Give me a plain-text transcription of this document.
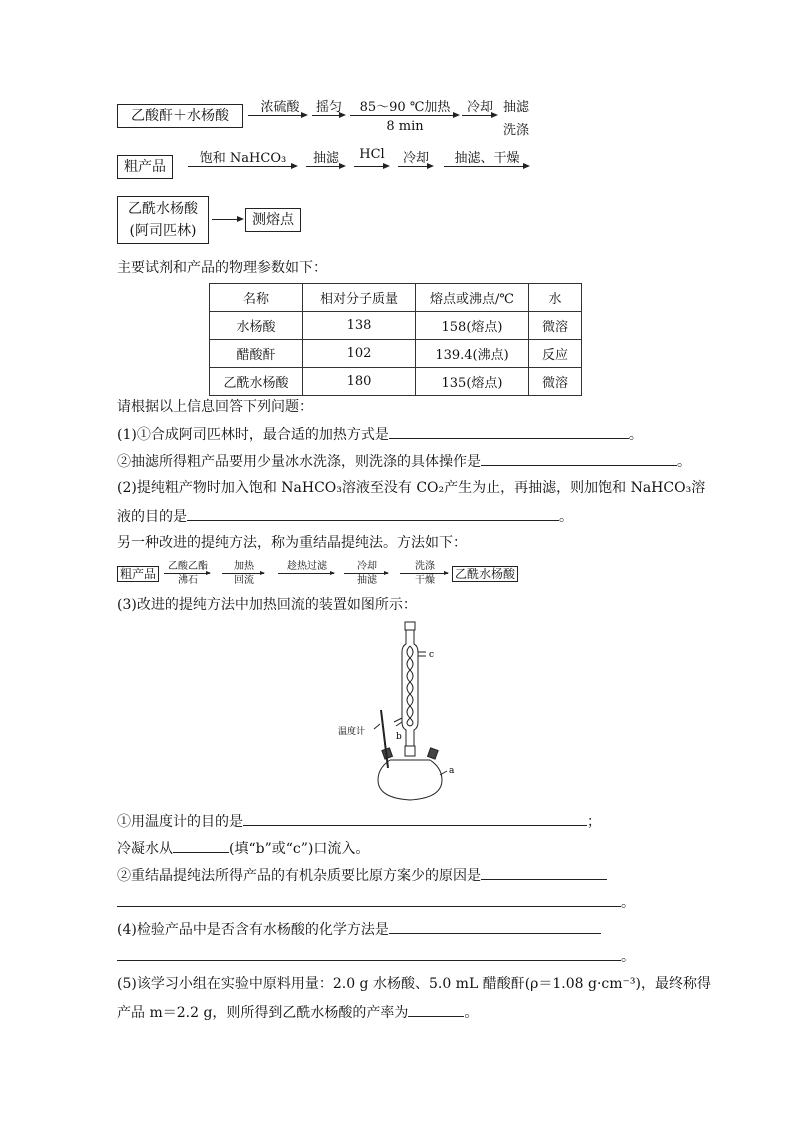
乙酸酐＋水杨酸
浓硫酸	摇匀	85～90 ℃加热
8 min
冷却 抽滤
洗涤
粗产品
饱和 NaHCO₃	抽滤	HCl	冷却	抽滤、干燥
乙酰水杨酸
(阿司匹林)
测熔点
主要试剂和产品的物理参数如下：
名称	相对分子质量	熔点或沸点/℃	水
水杨酸	138	158(熔点)	微溶
醋酸酐	102	139.4(沸点)	反应
乙酰水杨酸	180	135(熔点)	微溶
请根据以上信息回答下列问题：
(1)①合成阿司匹林时，最合适的加热方式是	。
②抽滤所得粗产品要用少量冰水洗涤，则洗涤的具体操作是	。
(2)提纯粗产物时加入饱和 NaHCO₃溶液至没有 CO₂产生为止，再抽滤，则加饱和 NaHCO₃溶
液的目的是	。
另一种改进的提纯方法，称为重结晶提纯法。方法如下：
粗产品
乙酸乙酯
沸石
加热
回流
趁热过滤	冷却
抽滤
洗涤
干燥	乙酰水杨酸
(3)改进的提纯方法中加热回流的装置如图所示：
c
b
温度计
a
①用温度计的目的是	；
冷凝水从	(填“b”或“c”)口流入。
②重结晶提纯法所得产品的有机杂质要比原方案少的原因是
。
(4)检验产品中是否含有水杨酸的化学方法是
。
(5)该学习小组在实验中原料用量：2.0 g 水杨酸、5.0 mL 醋酸酐(ρ＝1.08 g·cm⁻³)，最终称得
产品 m＝2.2 g，则所得到乙酰水杨酸的产率为	。
